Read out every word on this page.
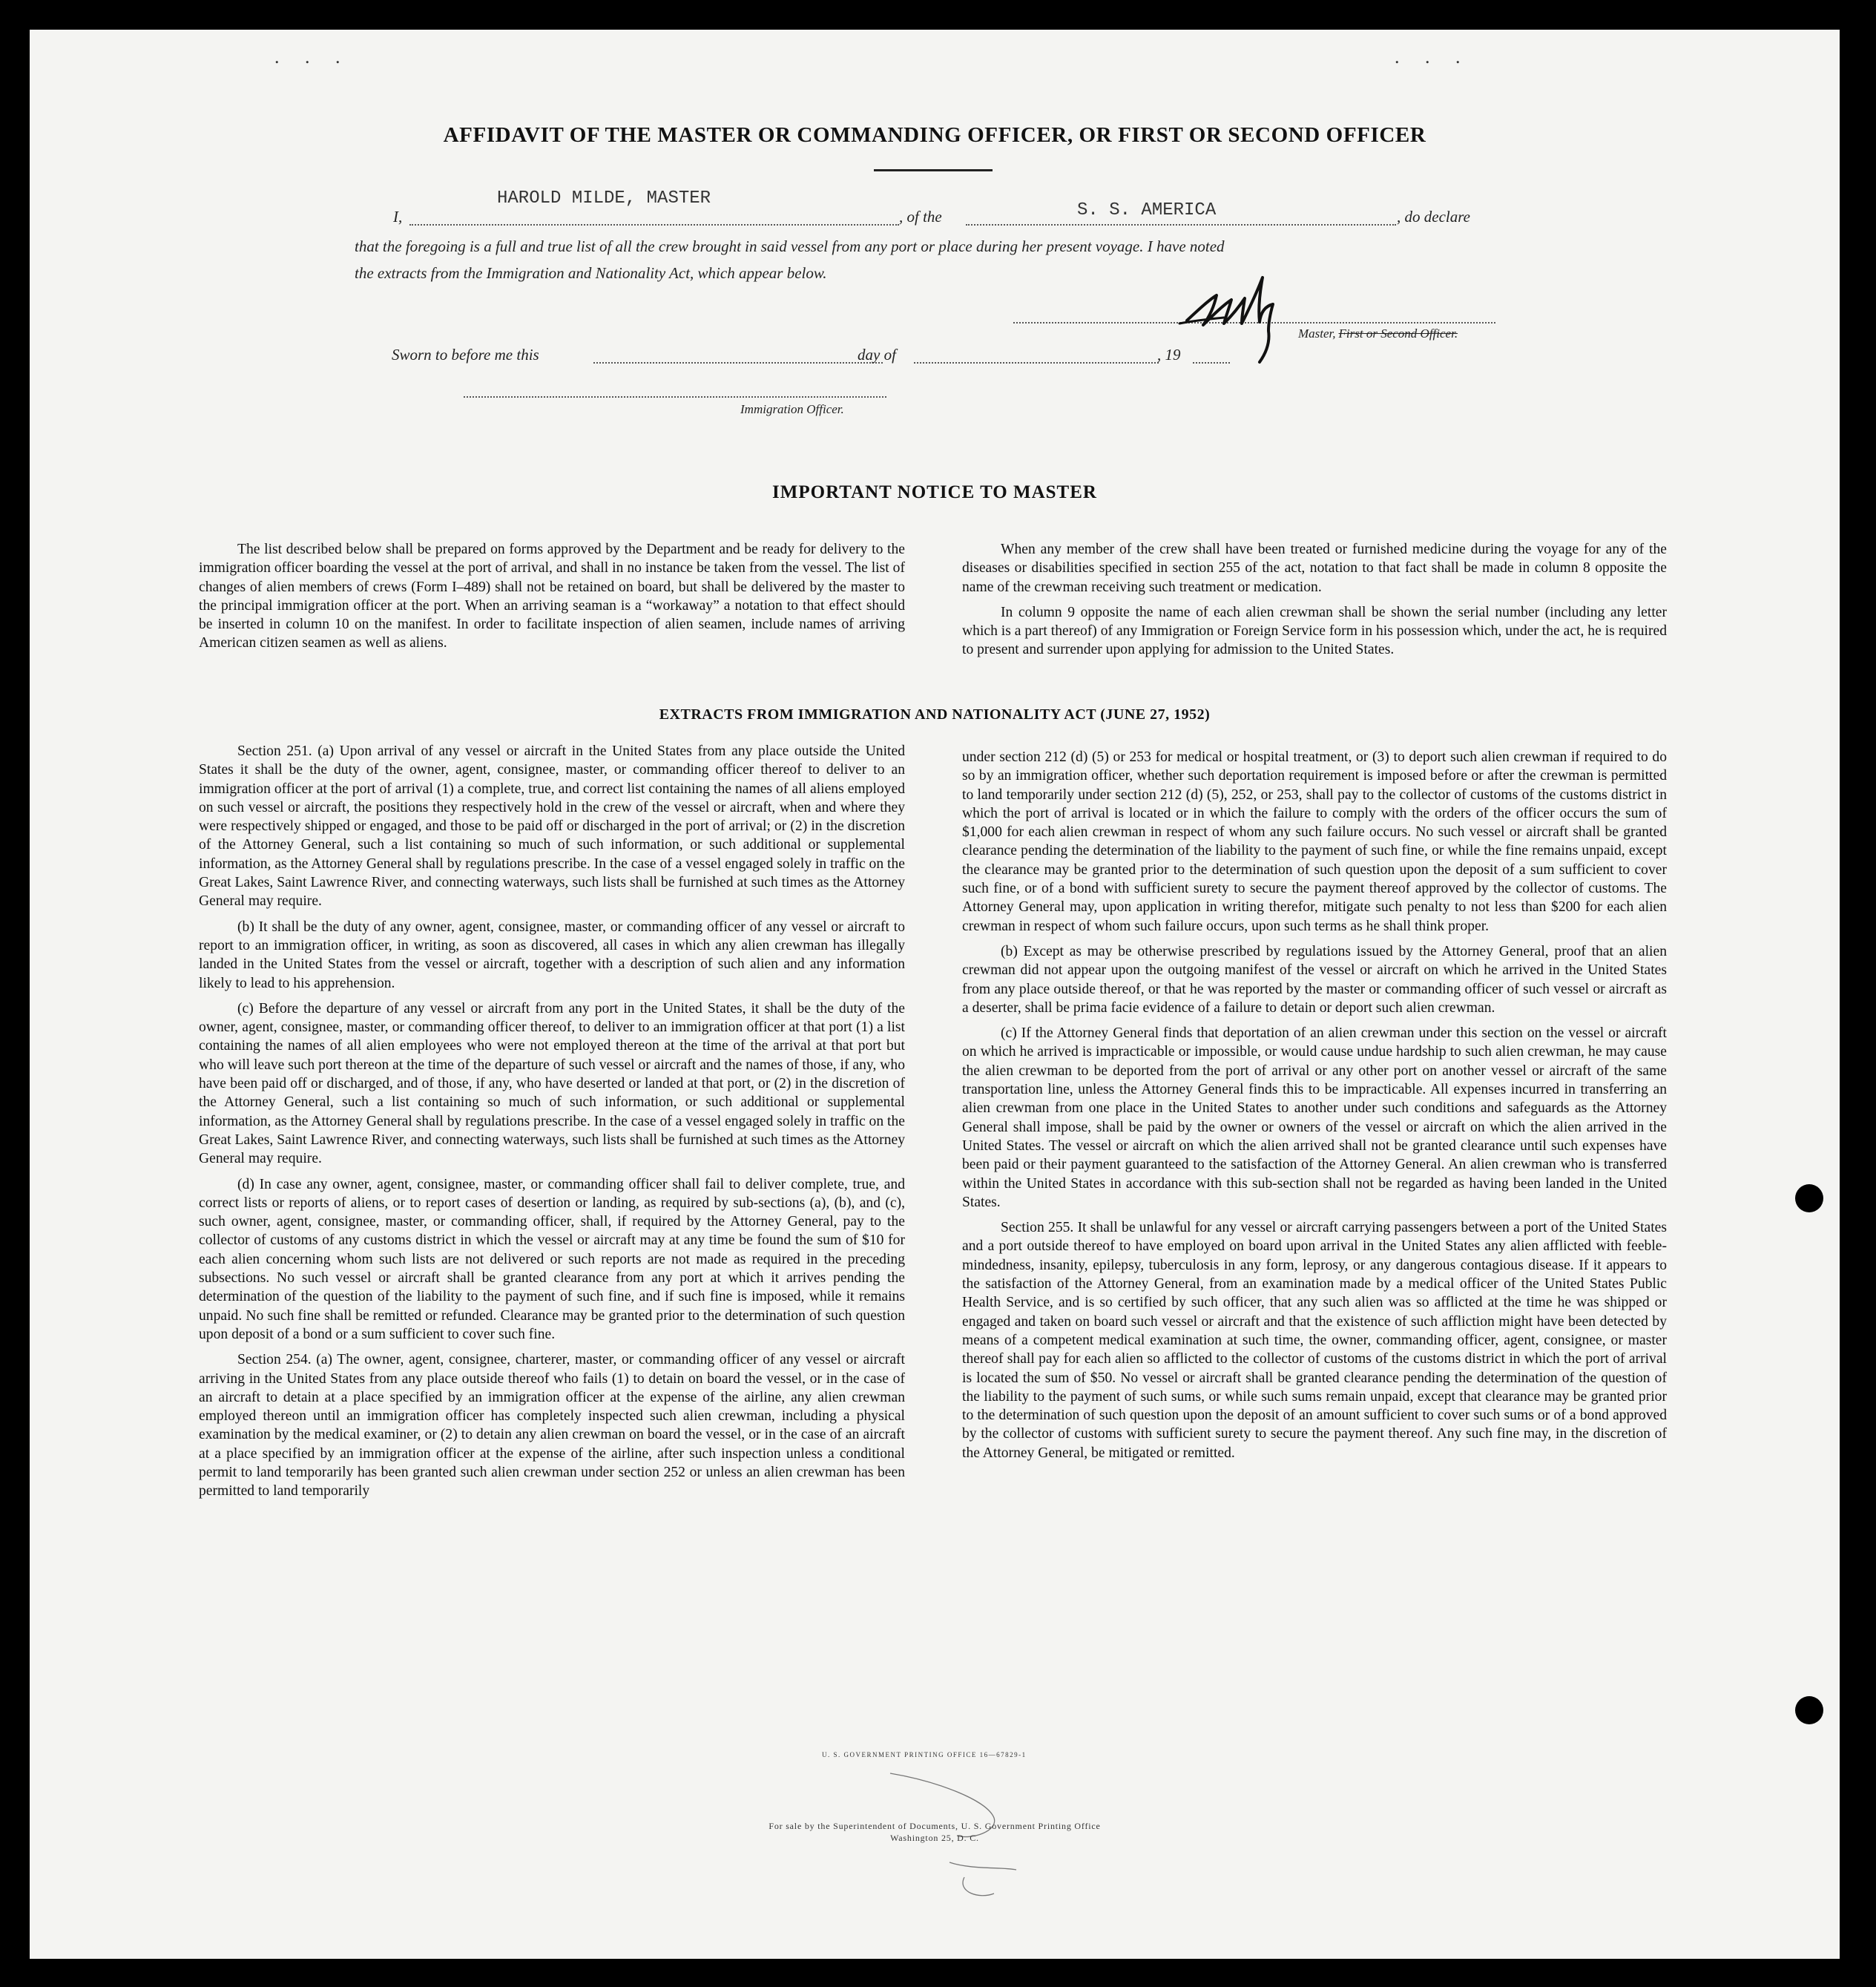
. . .	. . .
AFFIDAVIT OF THE MASTER OR COMMANDING OFFICER, OR FIRST OR SECOND OFFICER
I,
HAROLD MILDE, MASTER
, of the	S. S. AMERICA	, do declare
that the foregoing is a full and true list of all the crew brought in said vessel from any port or place during her present voyage. I have noted
the extracts from the Immigration and Nationality Act, which appear below.
Master, First or Second Officer.
Sworn to before me this	day of	, 19
Immigration Officer.
IMPORTANT NOTICE TO MASTER

The list described below shall be prepared on forms approved by the Department and be ready for delivery to the immigration officer boarding the vessel at the port of arrival, and shall in no instance be taken from the vessel. The list of changes of alien members of crews (Form I–489) shall not be retained on board, but shall be delivered by the master to the principal immigration officer at the port. When an arriving seaman is a “workaway” a notation to that effect should be inserted in column 10 on the manifest. In order to facilitate inspection of alien seamen, include names of arriving American citizen seamen as well as aliens.

When any member of the crew shall have been treated or furnished medicine during the voyage for any of the diseases or disabilities specified in section 255 of the act, notation to that fact shall be made in column 8 opposite the name of the crewman receiving such treatment or medication.

In column 9 opposite the name of each alien crewman shall be shown the serial number (including any letter which is a part thereof) of any Immigration or Foreign Service form in his possession which, under the act, he is required to present and surrender upon applying for admission to the United States.

EXTRACTS FROM IMMIGRATION AND NATIONALITY ACT (JUNE 27, 1952)

Section 251. (a) Upon arrival of any vessel or aircraft in the United States from any place outside the United States it shall be the duty of the owner, agent, consignee, master, or commanding officer thereof to deliver to an immigration officer at the port of arrival (1) a complete, true, and correct list containing the names of all aliens employed on such vessel or aircraft, the positions they respectively hold in the crew of the vessel or aircraft, when and where they were respectively shipped or engaged, and those to be paid off or discharged in the port of arrival; or (2) in the discretion of the Attorney General, such a list containing so much of such information, or such additional or supplemental information, as the Attorney General shall by regulations prescribe. In the case of a vessel engaged solely in traffic on the Great Lakes, Saint Lawrence River, and connecting waterways, such lists shall be furnished at such times as the Attorney General may require.

(b) It shall be the duty of any owner, agent, consignee, master, or commanding officer of any vessel or aircraft to report to an immigration officer, in writing, as soon as discovered, all cases in which any alien crewman has illegally landed in the United States from the vessel or aircraft, together with a description of such alien and any information likely to lead to his apprehension.

(c) Before the departure of any vessel or aircraft from any port in the United States, it shall be the duty of the owner, agent, consignee, master, or commanding officer thereof, to deliver to an immigration officer at that port (1) a list containing the names of all alien employees who were not employed thereon at the time of the arrival at that port but who will leave such port thereon at the time of the departure of such vessel or aircraft and the names of those, if any, who have been paid off or discharged, and of those, if any, who have deserted or landed at that port, or (2) in the discretion of the Attorney General, such a list containing so much of such information, or such additional or supplemental information, as the Attorney General shall by regulations prescribe. In the case of a vessel engaged solely in traffic on the Great Lakes, Saint Lawrence River, and connecting waterways, such lists shall be furnished at such times as the Attorney General may require.

(d) In case any owner, agent, consignee, master, or commanding officer shall fail to deliver complete, true, and correct lists or reports of aliens, or to report cases of desertion or landing, as required by sub-sections (a), (b), and (c), such owner, agent, consignee, master, or commanding officer, shall, if required by the Attorney General, pay to the collector of customs of any customs district in which the vessel or aircraft may at any time be found the sum of $10 for each alien concerning whom such lists are not delivered or such reports are not made as required in the preceding subsections. No such vessel or aircraft shall be granted clearance from any port at which it arrives pending the determination of the question of the liability to the payment of such fine, and if such fine is imposed, while it remains unpaid. No such fine shall be remitted or refunded. Clearance may be granted prior to the determination of such question upon deposit of a bond or a sum sufficient to cover such fine.

Section 254. (a) The owner, agent, consignee, charterer, master, or commanding officer of any vessel or aircraft arriving in the United States from any place outside thereof who fails (1) to detain on board the vessel, or in the case of an aircraft to detain at a place specified by an immigration officer at the expense of the airline, any alien crewman employed thereon until an immigration officer has completely inspected such alien crewman, including a physical examination by the medical examiner, or (2) to detain any alien crewman on board the vessel, or in the case of an aircraft at a place specified by an immigration officer at the expense of the airline, after such inspection unless a conditional permit to land temporarily has been granted such alien crewman under section 252 or unless an alien crewman has been permitted to land temporarily

under section 212 (d) (5) or 253 for medical or hospital treatment, or (3) to deport such alien crewman if required to do so by an immigration officer, whether such deportation requirement is imposed before or after the crewman is permitted to land temporarily under section 212 (d) (5), 252, or 253, shall pay to the collector of customs of the customs district in which the port of arrival is located or in which the failure to comply with the orders of the officer occurs the sum of $1,000 for each alien crewman in respect of whom any such failure occurs. No such vessel or aircraft shall be granted clearance pending the determination of the liability to the payment of such fine, or while the fine remains unpaid, except the clearance may be granted prior to the determination of such question upon the deposit of a sum sufficient to cover such fine, or of a bond with sufficient surety to secure the payment thereof approved by the collector of customs. The Attorney General may, upon application in writing therefor, mitigate such penalty to not less than $200 for each alien crewman in respect of whom such failure occurs, upon such terms as he shall think proper.

(b) Except as may be otherwise prescribed by regulations issued by the Attorney General, proof that an alien crewman did not appear upon the outgoing manifest of the vessel or aircraft on which he arrived in the United States from any place outside thereof, or that he was reported by the master or commanding officer of such vessel or aircraft as a deserter, shall be prima facie evidence of a failure to detain or deport such alien crewman.

(c) If the Attorney General finds that deportation of an alien crewman under this section on the vessel or aircraft on which he arrived is impracticable or impossible, or would cause undue hardship to such alien crewman, he may cause the alien crewman to be deported from the port of arrival or any other port on another vessel or aircraft of the same transportation line, unless the Attorney General finds this to be impracticable. All expenses incurred in transferring an alien crewman from one place in the United States to another under such conditions and safeguards as the Attorney General shall impose, shall be paid by the owner or owners of the vessel or aircraft on which the alien arrived in the United States. The vessel or aircraft on which the alien arrived shall not be granted clearance until such expenses have been paid or their payment guaranteed to the satisfaction of the Attorney General. An alien crewman who is transferred within the United States in accordance with this sub-section shall not be regarded as having been landed in the United States.

Section 255. It shall be unlawful for any vessel or aircraft carrying passengers between a port of the United States and a port outside thereof to have employed on board upon arrival in the United States any alien afflicted with feeble-mindedness, insanity, epilepsy, tuberculosis in any form, leprosy, or any dangerous contagious disease. If it appears to the satisfaction of the Attorney General, from an examination made by a medical officer of the United States Public Health Service, and is so certified by such officer, that any such alien was so afflicted at the time he was shipped or engaged and taken on board such vessel or aircraft and that the existence of such affliction might have been detected by means of a competent medical examination at such time, the owner, commanding officer, agent, consignee, or master thereof shall pay for each alien so afflicted to the collector of customs of the customs district in which the port of arrival is located the sum of $50. No vessel or aircraft shall be granted clearance pending the determination of the question of the liability to the payment of such sums, or while such sums remain unpaid, except that clearance may be granted prior to the determination of such question upon the deposit of an amount sufficient to cover such sums or of a bond approved by the collector of customs with sufficient surety to secure the payment thereof. Any such fine may, in the discretion of the Attorney General, be mitigated or remitted.

U. S. GOVERNMENT PRINTING OFFICE 16—67829-1
For sale by the Superintendent of Documents, U. S. Government Printing Office
Washington 25, D. C.
